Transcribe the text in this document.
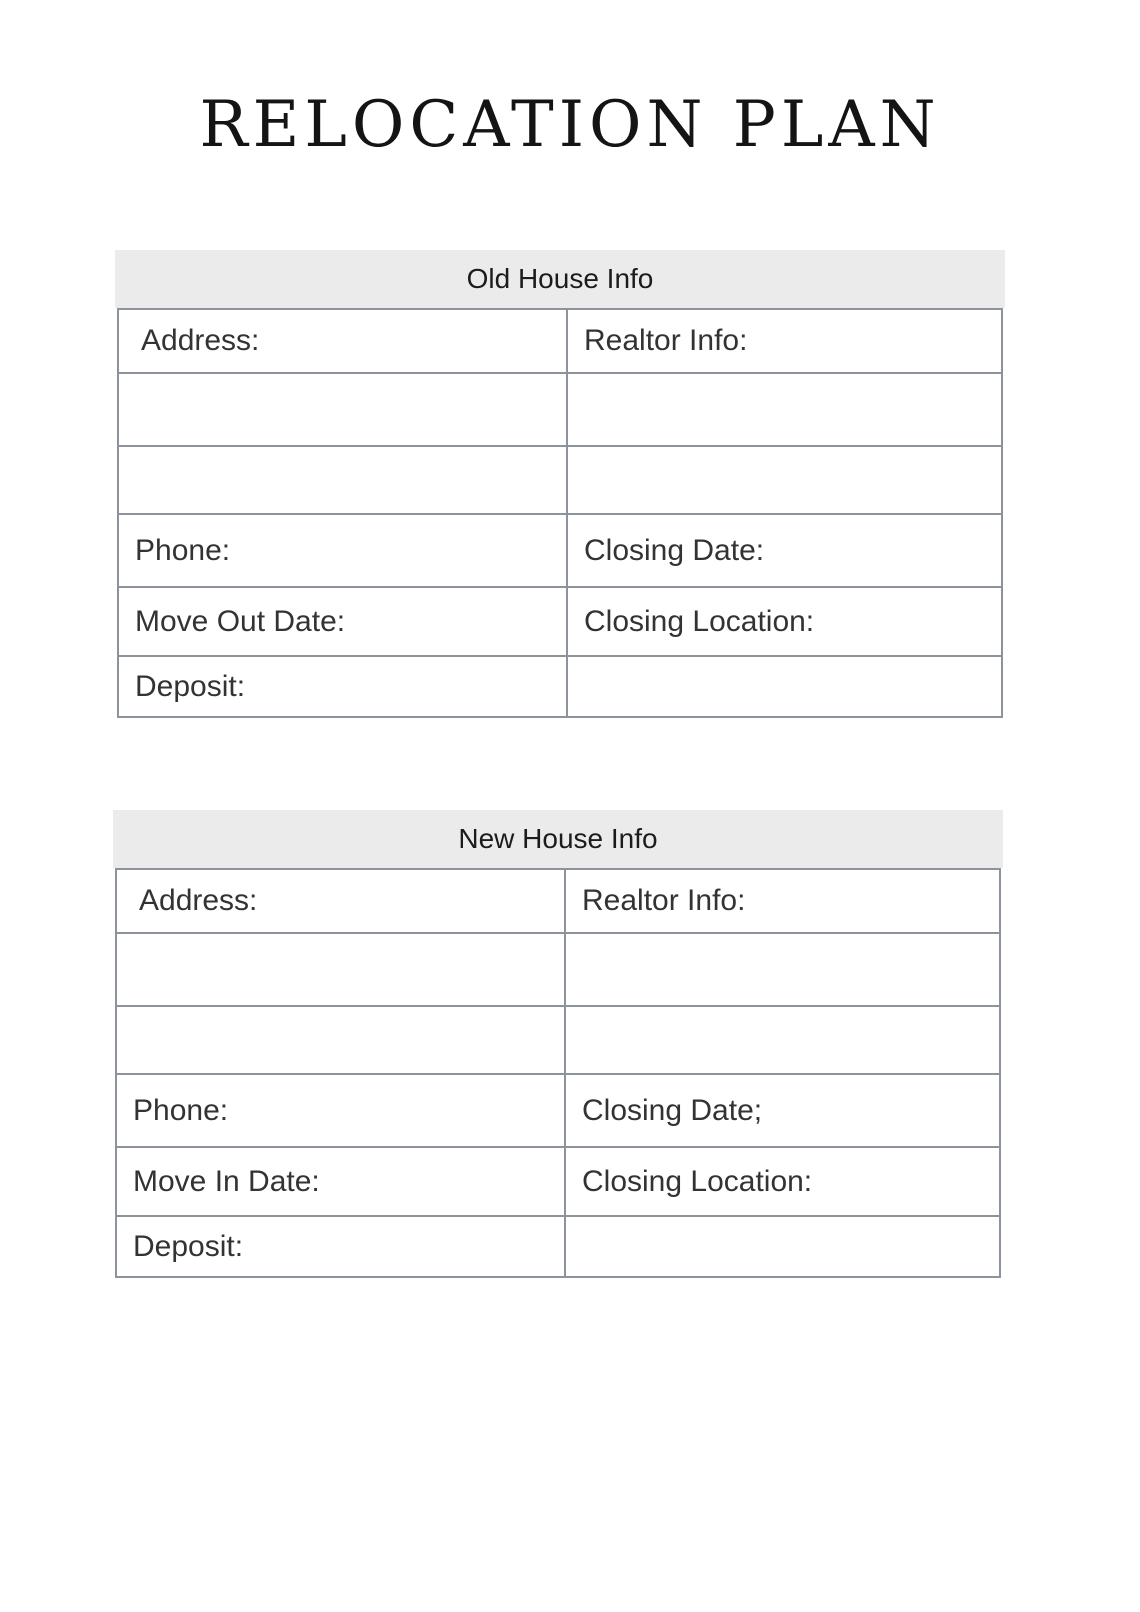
RELOCATION PLAN
Old House Info
Address:	Realtor Info:

Phone:	Closing Date:
Move Out Date:	Closing Location:
Deposit:	
New House Info
Address:	Realtor Info:

Phone:	Closing Date;
Move In Date:	Closing Location:
Deposit:	
